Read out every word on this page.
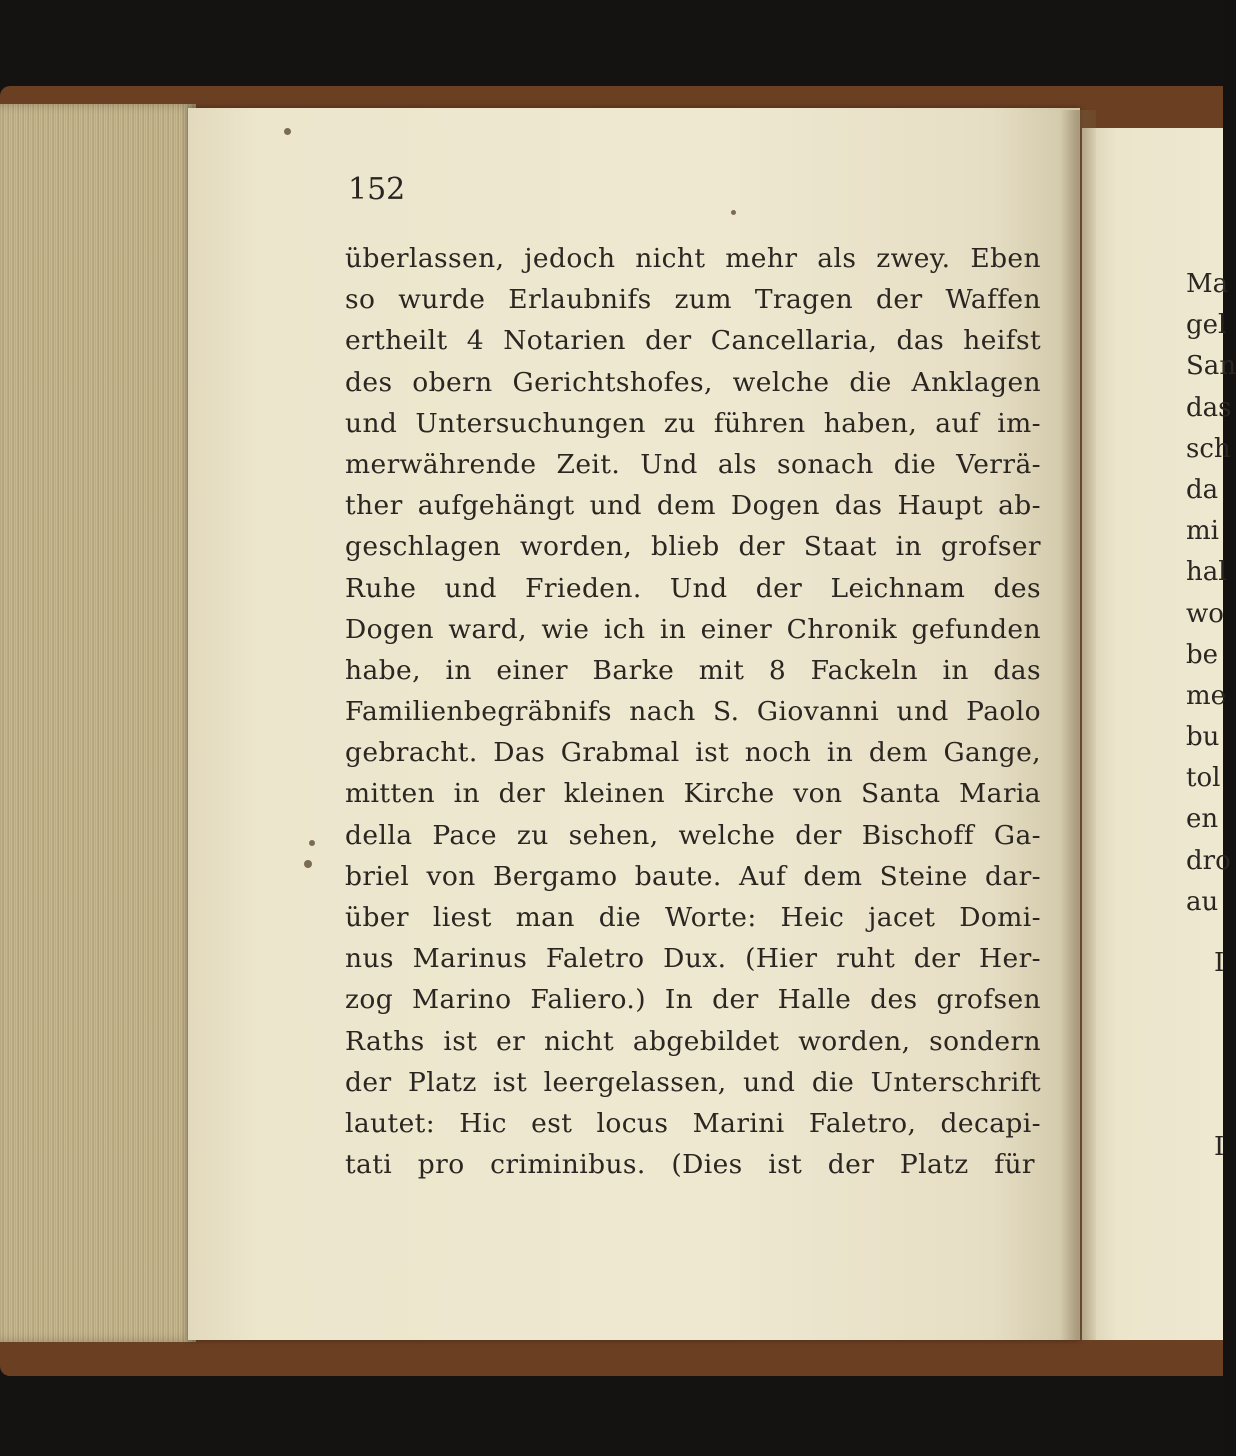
152
überlassen, jedoch nicht mehr als zwey. Eben
so wurde Erlaubnifs zum Tragen der Waffen
ertheilt 4 Notarien der Cancellaria, das heifst
des obern Gerichtshofes, welche die Anklagen
und Untersuchungen zu führen haben, auf im-
merwährende Zeit. Und als sonach die Verrä-
ther aufgehängt und dem Dogen das Haupt ab-
geschlagen worden, blieb der Staat in grofser
Ruhe und Frieden. Und der Leichnam des
Dogen ward, wie ich in einer Chronik gefunden
habe, in einer Barke mit 8 Fackeln in das
Familienbegräbnifs nach S. Giovanni und Paolo
gebracht. Das Grabmal ist noch in dem Gange,
mitten in der kleinen Kirche von Santa Maria
della Pace zu sehen, welche der Bischoff Ga-
briel von Bergamo baute. Auf dem Steine dar-
über liest man die Worte: Heic jacet Domi-
nus Marinus Faletro Dux. (Hier ruht der Her-
zog Marino Faliero.) In der Halle des grofsen
Raths ist er nicht abgebildet worden, sondern
der Platz ist leergelassen, und die Unterschrift
lautet: Hic est locus Marini Faletro, decapi-
tati pro criminibus. (Dies ist der Platz für
Ma
gel
San
das
sch
da
mi
hal
wo
be
me
bu
tol
en
dro
au
I
I
